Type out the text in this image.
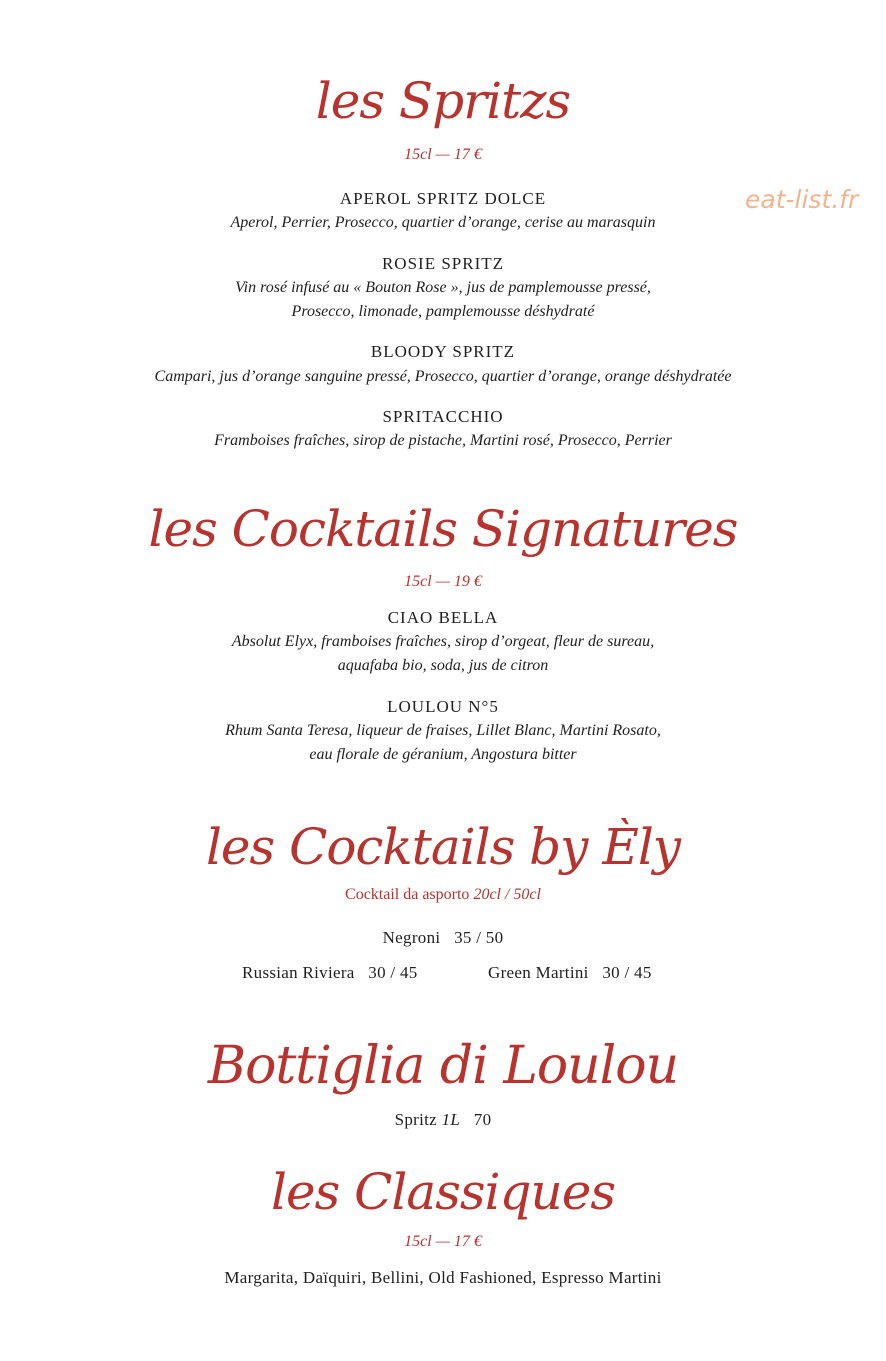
eat-list.fr
les Spritzs
15cl — 17 €
APEROL SPRITZ DOLCE
Aperol, Perrier, Prosecco, quartier d’orange, cerise au marasquin
ROSIE SPRITZ
Vin rosé infusé au « Bouton Rose », jus de pamplemousse pressé,
Prosecco, limonade, pamplemousse déshydraté
BLOODY SPRITZ
Campari, jus d’orange sanguine pressé, Prosecco, quartier d’orange, orange déshydratée
SPRITACCHIO
Framboises fraîches, sirop de pistache, Martini rosé, Prosecco, Perrier
les Cocktails Signatures
15cl — 19 €
CIAO BELLA
Absolut Elyx, framboises fraîches, sirop d’orgeat, fleur de sureau,
aquafaba bio, soda, jus de citron
LOULOU N°5
Rhum Santa Teresa, liqueur de fraises, Lillet Blanc, Martini Rosato,
eau florale de géranium, Angostura bitter
les Cocktails by Èly
Cocktail da asporto 20cl / 50cl
Negroni   35 / 50
Russian Riviera   30 / 45	Green Martini   30 / 45
Bottiglia di Loulou
Spritz 1L   70
les Classiques
15cl — 17 €
Margarita, Daïquiri, Bellini, Old Fashioned, Espresso Martini
